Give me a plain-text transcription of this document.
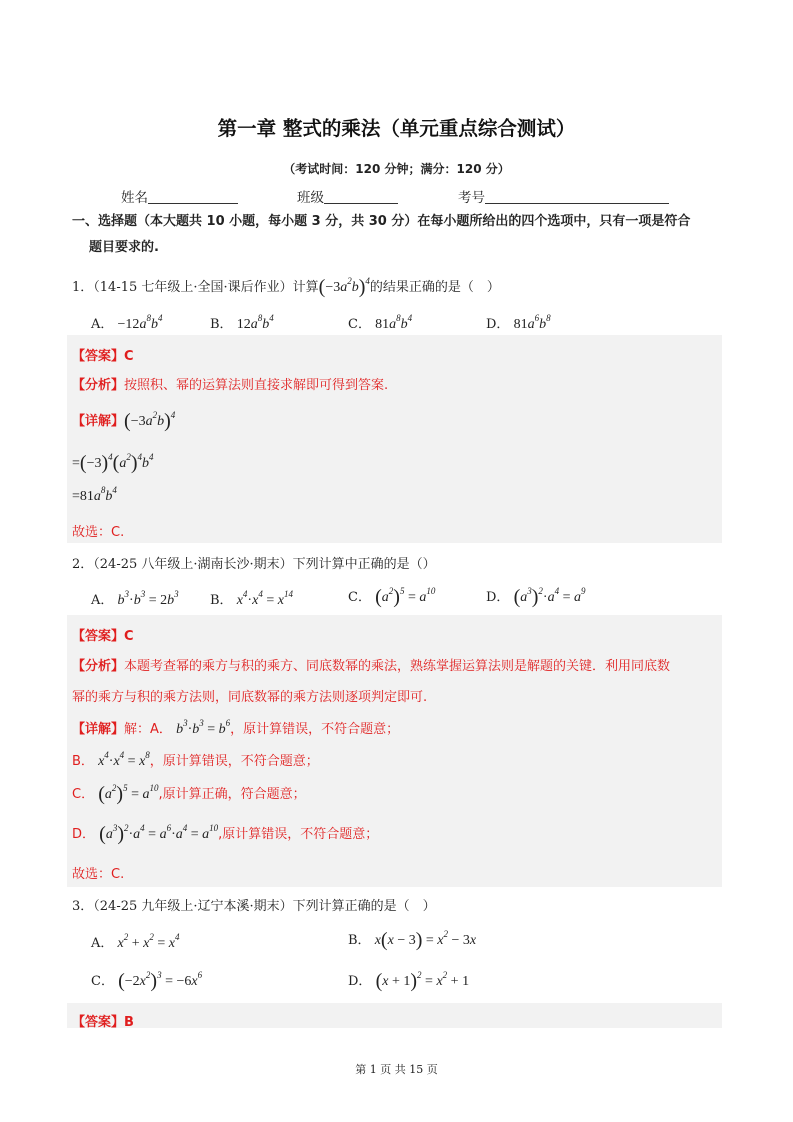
第一章 整式的乘法（单元重点综合测试）
（考试时间：120 分钟；满分：120 分）
姓名	班级	考号
一、选择题（本大题共 10 小题，每小题 3 分，共 30 分）在每小题所给出的四个选项中，只有一项是符合
题目要求的.
1．（14-15 七年级上·全国·课后作业）计算$(-3a^2b)^4$的结果正确的是（　）
A． $-12a^8b^4$	B． $12a^8b^4$	C． $81a^8b^4$	D． $81a^6b^8$
【答案】C
【分析】按照积、幂的运算法则直接求解即可得到答案.
【详解】$(-3a^2b)^4$
$=(-3)^4(a^2)^4b^4$
$=81a^8b^4$
故选：C.
2．（24-25 八年级上·湖南长沙·期末）下列计算中正确的是（）
A． $b^3\cdot b^3 = 2b^3$ B． $x^4\cdot x^4 = x^{14}$	C． $(a^2)^5 = a^{10}$	D． $(a^3)^2\cdot a^4 = a^9$
【答案】C
【分析】本题考查幂的乘方与积的乘方、同底数幂的乘法，熟练掌握运算法则是解题的关键．利用同底数
幂的乘方与积的乘方法则，同底数幂的乘方法则逐项判定即可.
【详解】解：A． $b^3\cdot b^3 = b^6$，原计算错误，不符合题意；
B． $x^4\cdot x^4 = x^8$，原计算错误，不符合题意；
C． $(a^2)^5 = a^{10}$,原计算正确，符合题意；
D． $(a^3)^2\cdot a^4 = a^6\cdot a^4 = a^{10}$,原计算错误，不符合题意；
故选：C.
3．（24-25 九年级上·辽宁本溪·期末）下列计算正确的是（　）
A． $x^2 + x^2 = x^4$	B． $x(x - 3) = x^2 - 3x$
C． $(-2x^2)^3 = -6x^6$	D． $(x + 1)^2 = x^2 + 1$
【答案】B
第 1 页 共 15 页
